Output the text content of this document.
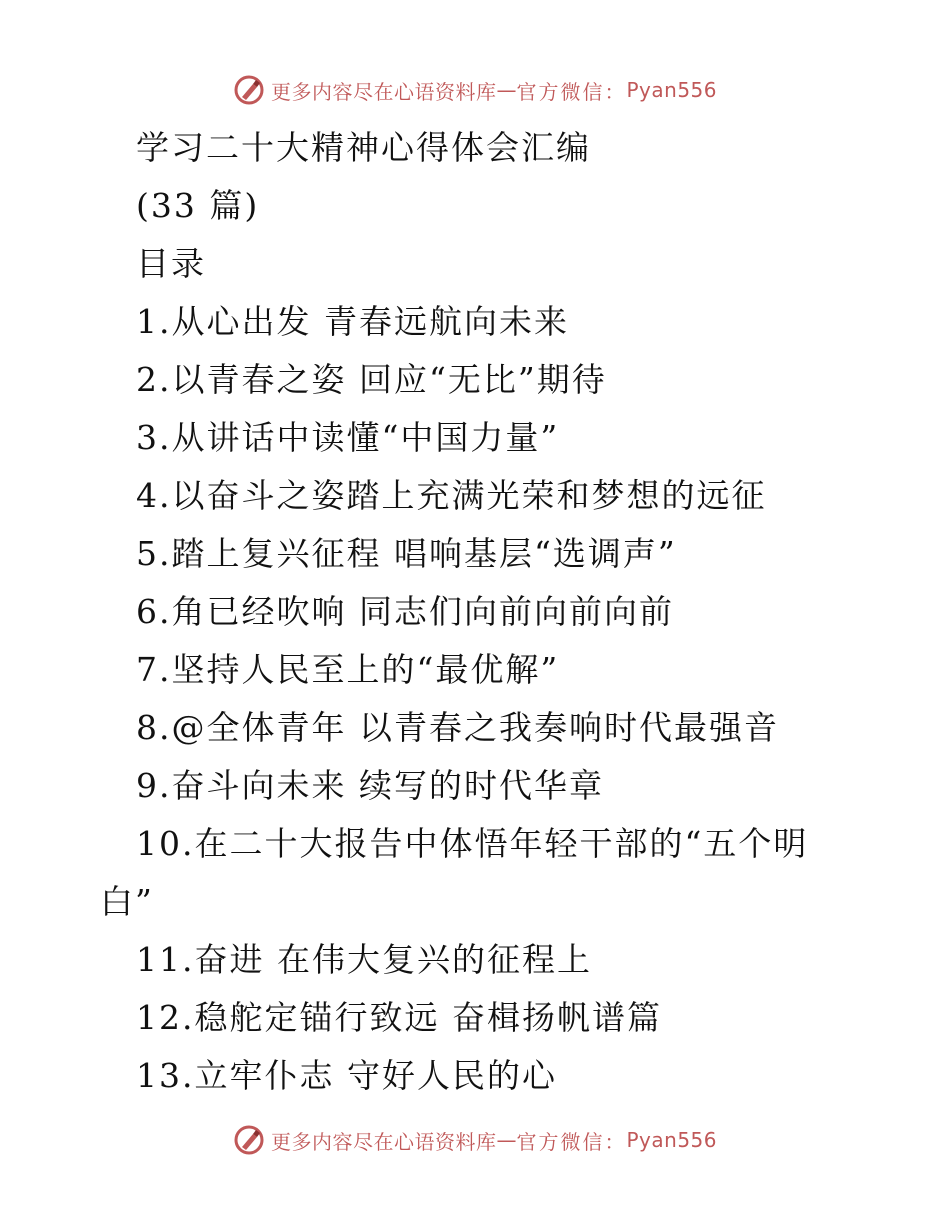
更多内容尽在心语资料库 — 官方微信： Pyan556
学习二十大精神心得体会汇编
(33 篇)
目录
1.从心出发 青春远航向未来
2.以青春之姿 回应“无比”期待
3.从讲话中读懂“中国力量”
4.以奋斗之姿踏上充满光荣和梦想的远征
5.踏上复兴征程 唱响基层“选调声”
6.角已经吹响 同志们向前向前向前
7.坚持人民至上的“最优解”
8.@全体青年 以青春之我奏响时代最强音
9.奋斗向未来 续写的时代华章
10.在二十大报告中体悟年轻干部的“五个明
白”
11.奋进 在伟大复兴的征程上
12.稳舵定锚行致远 奋楫扬帆谱篇
13.立牢仆志 守好人民的心
更多内容尽在心语资料库 — 官方微信： Pyan556
